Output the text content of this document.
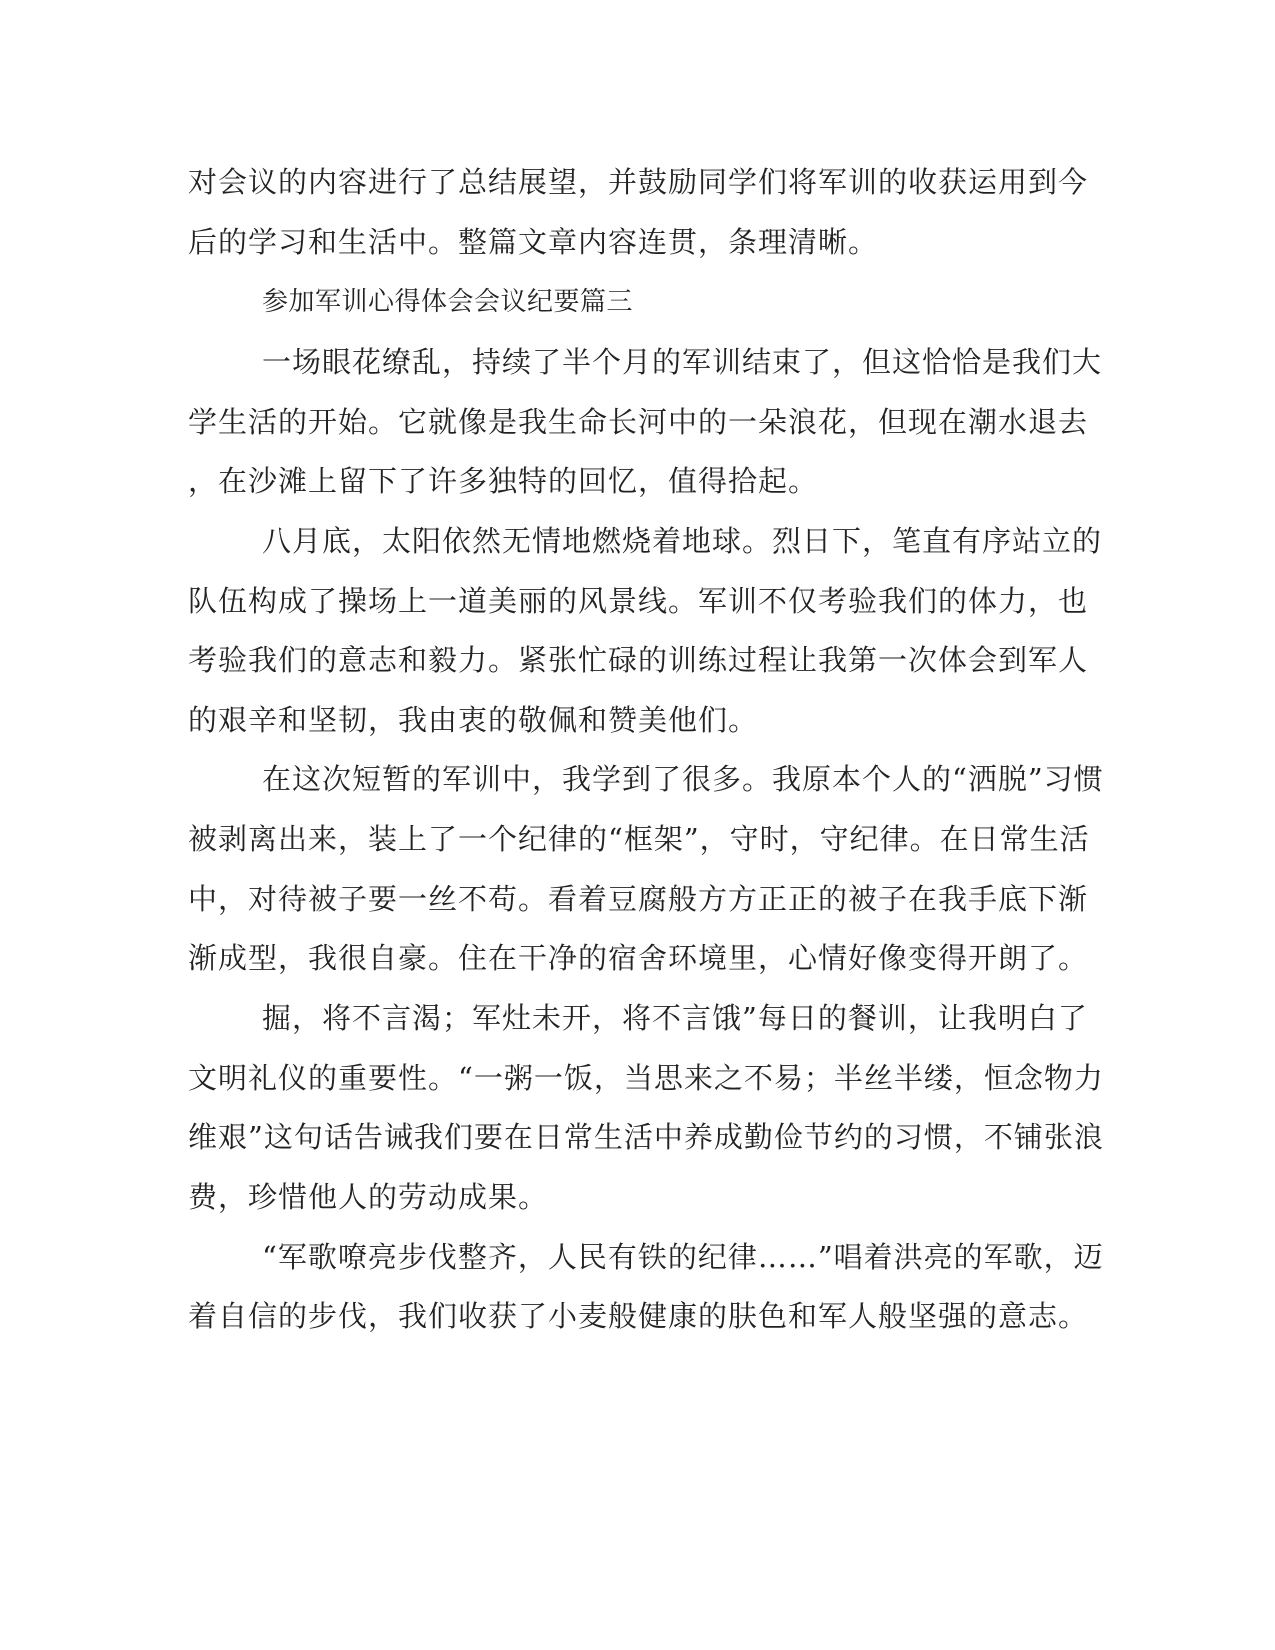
对会议的内容进行了总结展望，并鼓励同学们将军训的收获运用到今
后的学习和生活中。整篇文章内容连贯，条理清晰。
参加军训心得体会会议纪要篇三
一场眼花缭乱，持续了半个月的军训结束了，但这恰恰是我们大
学生活的开始。它就像是我生命长河中的一朵浪花，但现在潮水退去
，在沙滩上留下了许多独特的回忆，值得拾起。
八月底，太阳依然无情地燃烧着地球。烈日下，笔直有序站立的
队伍构成了操场上一道美丽的风景线。军训不仅考验我们的体力，也
考验我们的意志和毅力。紧张忙碌的训练过程让我第一次体会到军人
的艰辛和坚韧，我由衷的敬佩和赞美他们。
在这次短暂的军训中，我学到了很多。我原本个人的“洒脱”习惯
被剥离出来，装上了一个纪律的“框架”，守时，守纪律。在日常生活
中，对待被子要一丝不苟。看着豆腐般方方正正的被子在我手底下渐
渐成型，我很自豪。住在干净的宿舍环境里，心情好像变得开朗了。
掘，将不言渴；军灶未开，将不言饿”每日的餐训，让我明白了
文明礼仪的重要性。“一粥一饭，当思来之不易；半丝半缕，恒念物力
维艰”这句话告诫我们要在日常生活中养成勤俭节约的习惯，不铺张浪
费，珍惜他人的劳动成果。
“军歌嘹亮步伐整齐，人民有铁的纪律……”唱着洪亮的军歌，迈
着自信的步伐，我们收获了小麦般健康的肤色和军人般坚强的意志。
